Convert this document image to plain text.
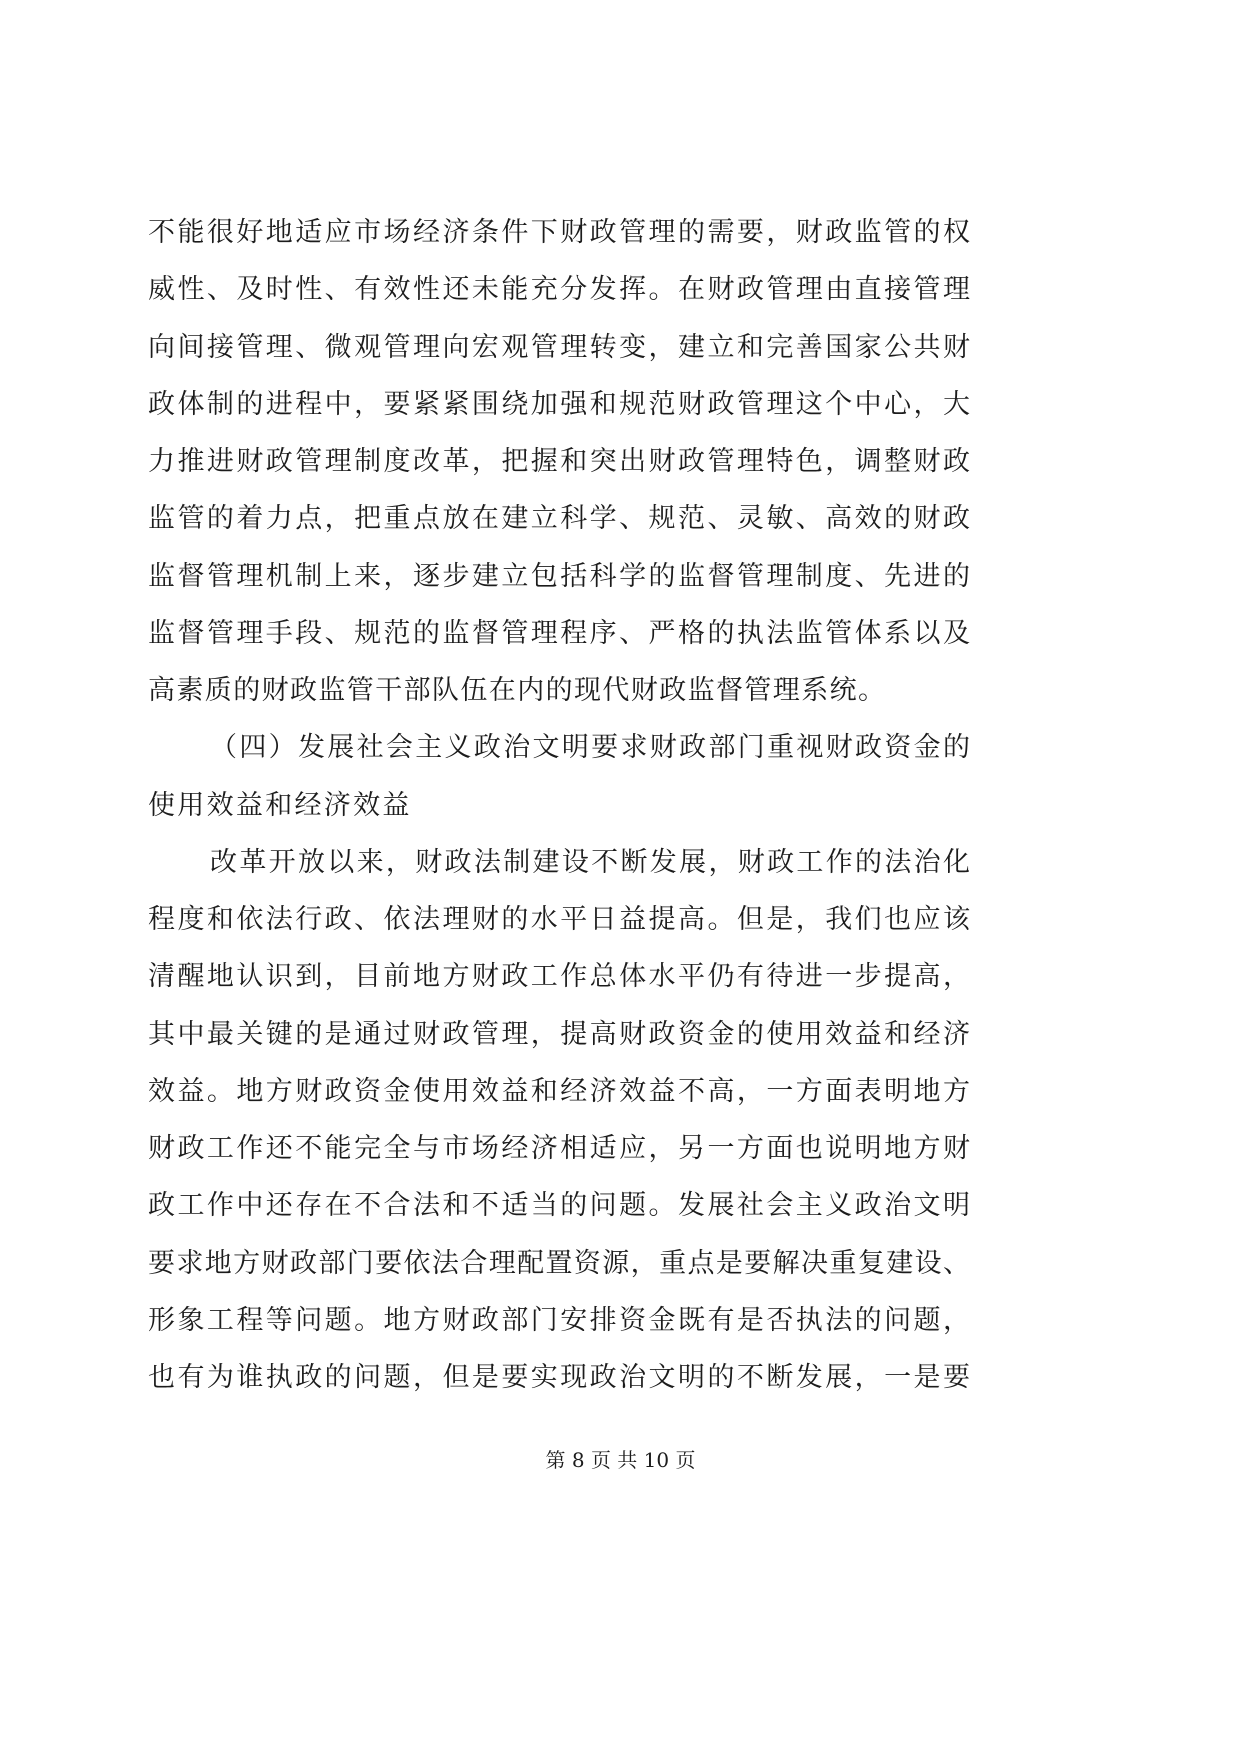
不能很好地适应市场经济条件下财政管理的需要，财政监管的权
威性、及时性、有效性还未能充分发挥。在财政管理由直接管理
向间接管理、微观管理向宏观管理转变，建立和完善国家公共财
政体制的进程中，要紧紧围绕加强和规范财政管理这个中心，大
力推进财政管理制度改革，把握和突出财政管理特色，调整财政
监管的着力点，把重点放在建立科学、规范、灵敏、高效的财政
监督管理机制上来，逐步建立包括科学的监督管理制度、先进的
监督管理手段、规范的监督管理程序、严格的执法监管体系以及
高素质的财政监管干部队伍在内的现代财政监督管理系统。
（四）发展社会主义政治文明要求财政部门重视财政资金的
使用效益和经济效益
改革开放以来，财政法制建设不断发展，财政工作的法治化
程度和依法行政、依法理财的水平日益提高。但是，我们也应该
清醒地认识到，目前地方财政工作总体水平仍有待进一步提高，
其中最关键的是通过财政管理，提高财政资金的使用效益和经济
效益。地方财政资金使用效益和经济效益不高，一方面表明地方
财政工作还不能完全与市场经济相适应，另一方面也说明地方财
政工作中还存在不合法和不适当的问题。发展社会主义政治文明
要求地方财政部门要依法合理配置资源，重点是要解决重复建设、
形象工程等问题。地方财政部门安排资金既有是否执法的问题，
也有为谁执政的问题，但是要实现政治文明的不断发展，一是要
第 8 页 共 10 页
